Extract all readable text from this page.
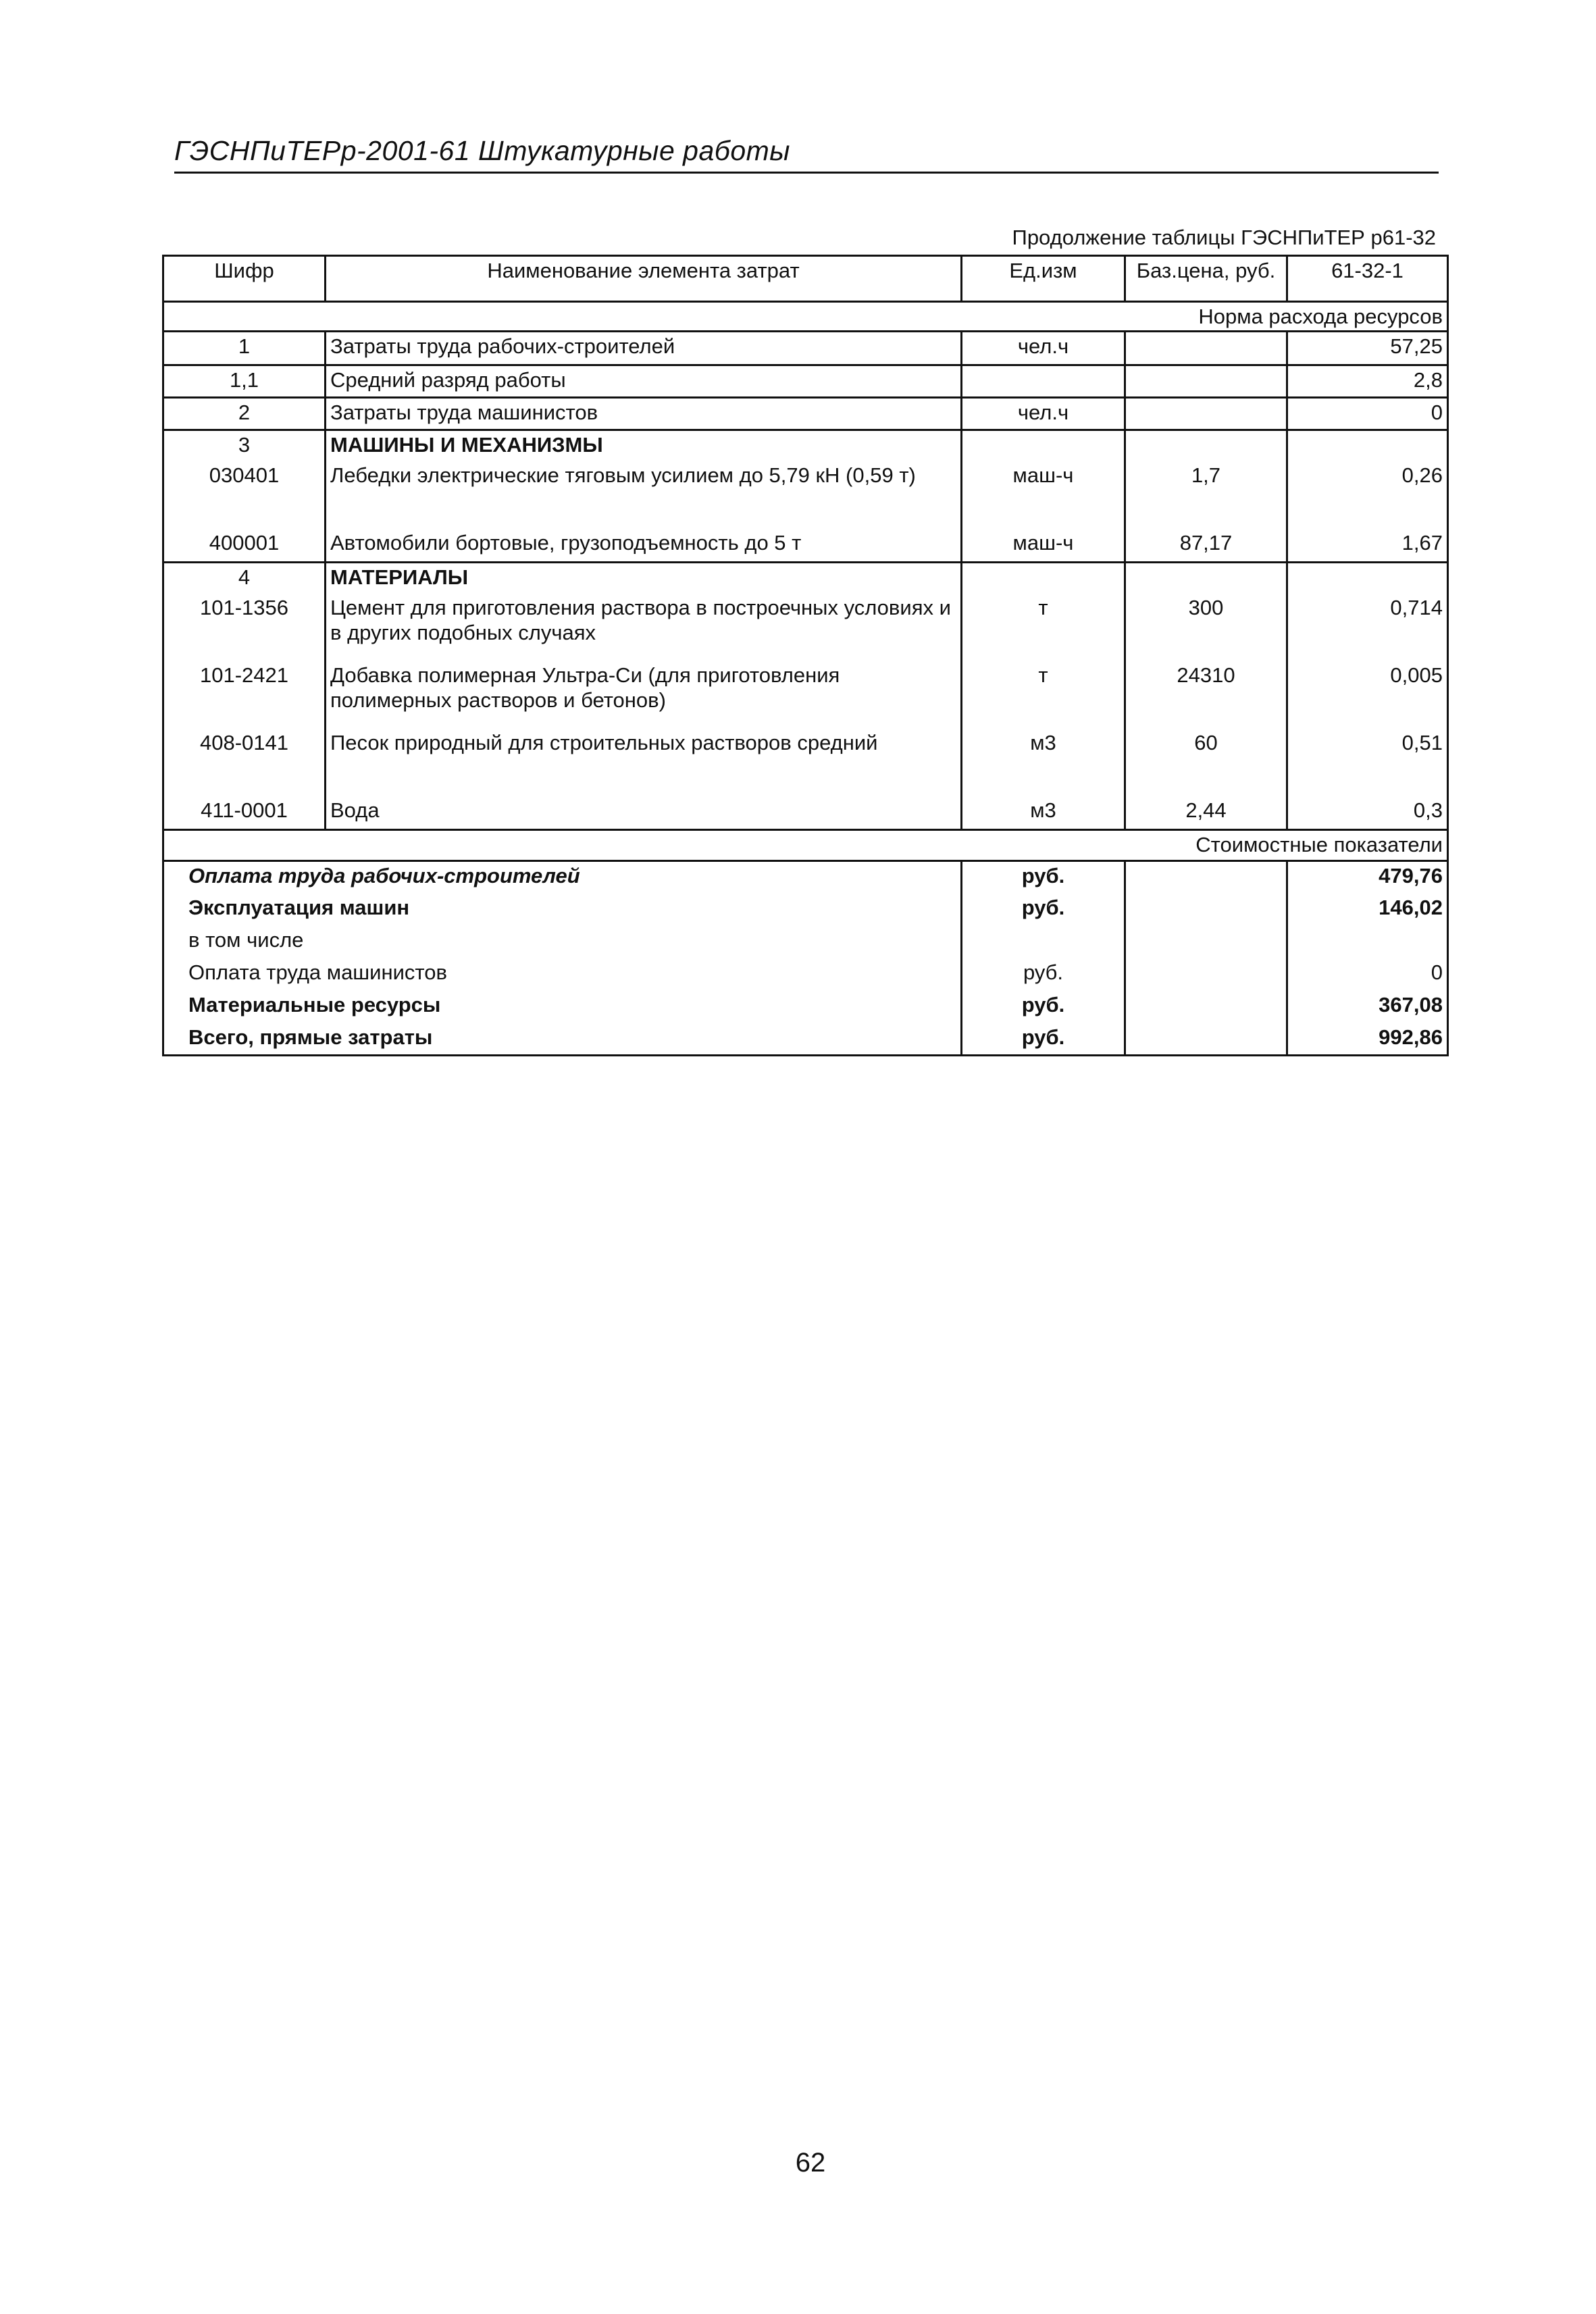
ГЭСНПиТЕРр-2001-61 Штукатурные работы
Продолжение таблицы ГЭСНПиТЕР р61-32
Шифр	Наименование элемента затрат	Ед.изм	Баз.цена, руб.	61-32-1
Норма расхода ресурсов				
1	Затраты труда рабочих-строителей	чел.ч		57,25
1,1	Средний разряд работы			2,8
2	Затраты труда машинистов	чел.ч		0
3	МАШИНЫ И МЕХАНИЗМЫ			
030401	Лебедки электрические тяговым усилием до 5,79 кН (0,59 т)	маш-ч	1,7	0,26
400001	Автомобили бортовые, грузоподъемность до 5 т	маш-ч	87,17	1,67
4	МАТЕРИАЛЫ			
101-1356	Цемент для приготовления раствора в построечных условиях и в других подобных случаях	т	300	0,714
101-2421	Добавка полимерная Ультра-Си (для приготовления полимерных растворов и бетонов)	т	24310	0,005
408-0141	Песок природный для строительных растворов средний	м3	60	0,51
411-0001	Вода	м3	2,44	0,3
Стоимостные показатели				
Оплата труда рабочих-строителей		руб.		479,76
Эксплуатация машин		руб.		146,02
в том числе				
Оплата труда машинистов		руб.		0
Материальные ресурсы		руб.		367,08
Всего, прямые затраты		руб.		992,86
62
